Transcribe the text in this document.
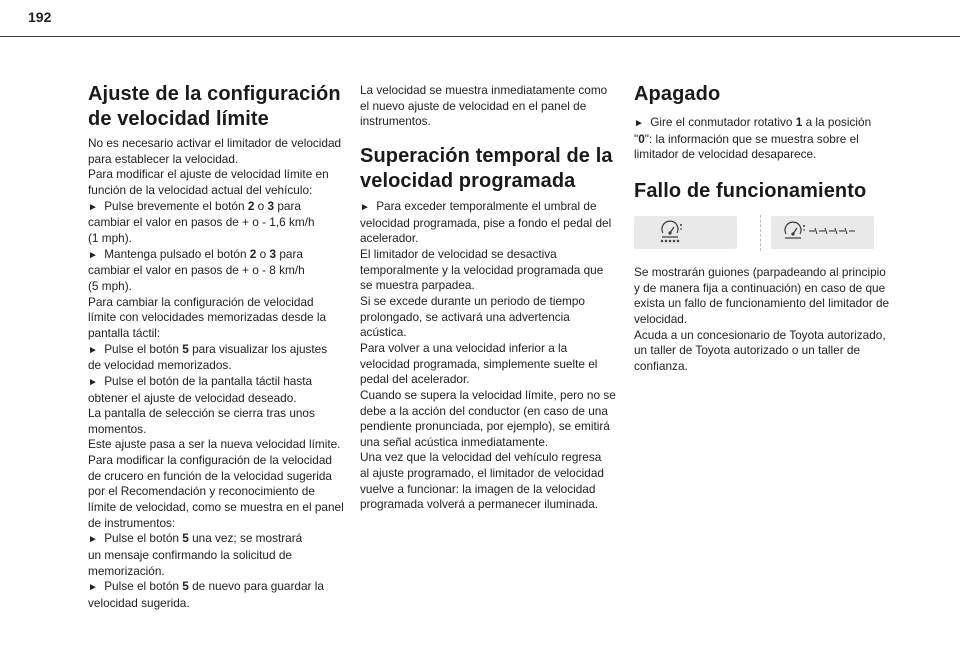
192
Ajuste de la configuración de velocidad límite

No es necesario activar el limitador de velocidad
para establecer la velocidad.
Para modificar el ajuste de velocidad límite en
función de la velocidad actual del vehículo:
► Pulse brevemente el botón 2 o 3 para
cambiar el valor en pasos de + o - 1,6 km/h
(1 mph).
► Mantenga pulsado el botón 2 o 3 para
cambiar el valor en pasos de + o - 8 km/h
(5 mph).
Para cambiar la configuración de velocidad
límite con velocidades memorizadas desde la
pantalla táctil:
► Pulse el botón 5 para visualizar los ajustes
de velocidad memorizados.
► Pulse el botón de la pantalla táctil hasta
obtener el ajuste de velocidad deseado.
La pantalla de selección se cierra tras unos
momentos.
Este ajuste pasa a ser la nueva velocidad límite.
Para modificar la configuración de la velocidad
de crucero en función de la velocidad sugerida
por el Recomendación y reconocimiento de
límite de velocidad, como se muestra en el panel
de instrumentos:
► Pulse el botón 5 una vez; se mostrará
un mensaje confirmando la solicitud de
memorización.
► Pulse el botón 5 de nuevo para guardar la
velocidad sugerida.

La velocidad se muestra inmediatamente como
el nuevo ajuste de velocidad en el panel de
instrumentos.

Superación temporal de la velocidad programada

► Para exceder temporalmente el umbral de
velocidad programada, pise a fondo el pedal del
acelerador.
El limitador de velocidad se desactiva
temporalmente y la velocidad programada que
se muestra parpadea.
Si se excede durante un periodo de tiempo
prolongado, se activará una advertencia
acústica.
Para volver a una velocidad inferior a la
velocidad programada, simplemente suelte el
pedal del acelerador.
Cuando se supera la velocidad límite, pero no se
debe a la acción del conductor (en caso de una
pendiente pronunciada, por ejemplo), se emitirá
una señal acústica inmediatamente.
Una vez que la velocidad del vehículo regresa
al ajuste programado, el limitador de velocidad
vuelve a funcionar: la imagen de la velocidad
programada volverá a permanecer iluminada.

Apagado

► Gire el conmutador rotativo 1 a la posición
"0": la información que se muestra sobre el
limitador de velocidad desaparece.

Fallo de funcionamiento

Se mostrarán guiones (parpadeando al principio
y de manera fija a continuación) en caso de que
exista un fallo de funcionamiento del limitador de
velocidad.
Acuda a un concesionario de Toyota autorizado,
un taller de Toyota autorizado o un taller de
confianza.
